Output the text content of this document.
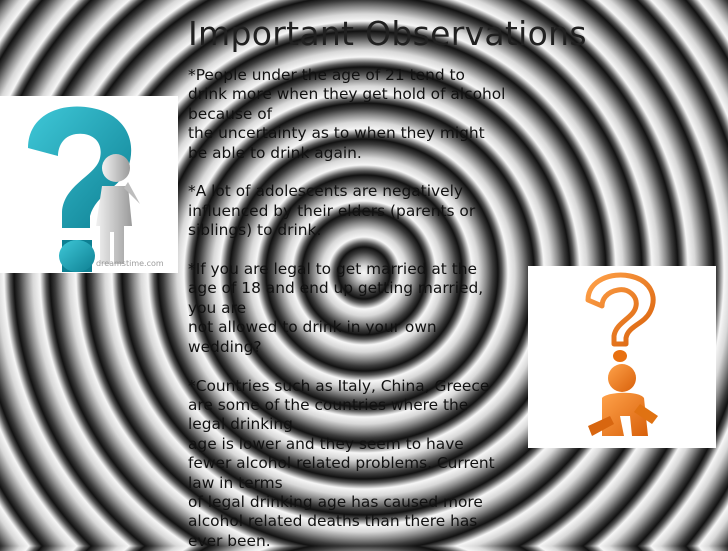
Important Observations
dreamstime.com
*People under the age of 21 tend to
drink more when they get hold of alcohol
because of
the uncertainty as to when they might
be able to drink again.

*A lot of adolescents are negatively
influenced by their elders (parents or
siblings) to drink.

*If you are legal to get married at the
age of 18 and end up getting married,
you are
not allowed to drink in your own
wedding?

*Countries such as Italy, China, Greece
are some of the countries where the
legal drinking
age is lower and they seem to have
fewer alcohol related problems. Current
law in terms
of legal drinking age has caused more
alcohol related deaths than there has
ever been.
